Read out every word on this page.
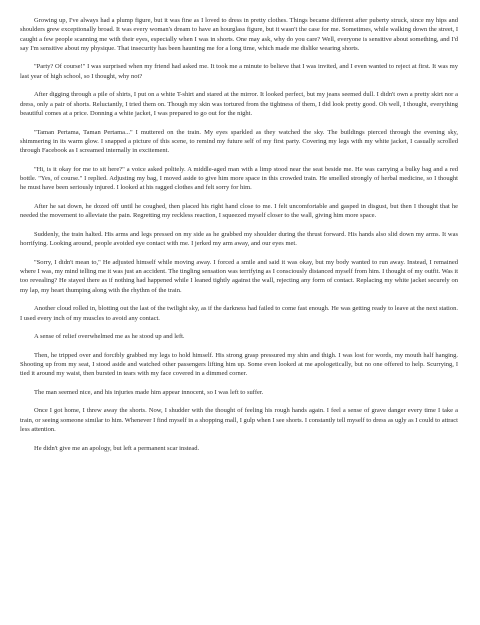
Growing up, I've always had a plump figure, but it was fine as I loved to dress in pretty clothes. Things became different after puberty struck, since my hips and shoulders grew exceptionally broad. It was every woman's dream to have an hourglass figure, but it wasn't the case for me. Sometimes, while walking down the street, I caught a few people scanning me with their eyes, especially when I was in shorts. One may ask, why do you care? Well, everyone is sensitive about something, and I'd say I'm sensitive about my physique. That insecurity has been haunting me for a long time, which made me dislike wearing shorts.

"Party? Of course!" I was surprised when my friend had asked me. It took me a minute to believe that I was invited, and I even wanted to reject at first. It was my last year of high school, so I thought, why not?

After digging through a pile of shirts, I put on a white T-shirt and stared at the mirror. It looked perfect, but my jeans seemed dull. I didn't own a pretty skirt nor a dress, only a pair of shorts. Reluctantly, I tried them on. Though my skin was tortured from the tightness of them, I did look pretty good. Oh well, I thought, everything beautiful comes at a price. Donning a white jacket, I was prepared to go out for the night.

"Taman Pertama, Taman Pertama..." I muttered on the train. My eyes sparkled as they watched the sky. The buildings pierced through the evening sky, shimmering in its warm glow. I snapped a picture of this scene, to remind my future self of my first party. Covering my legs with my white jacket, I casually scrolled through Facebook as I screamed internally in excitement.

"Hi, is it okay for me to sit here?" a voice asked politely. A middle-aged man with a limp stood near the seat beside me. He was carrying a bulky bag and a red bottle. "Yes, of course." I replied. Adjusting my bag, I moved aside to give him more space in this crowded train. He smelled strongly of herbal medicine, so I thought he must have been seriously injured. I looked at his ragged clothes and felt sorry for him.

After he sat down, he dozed off until he coughed, then placed his right hand close to me. I felt uncomfortable and gasped in disgust, but then I thought that he needed the movement to alleviate the pain. Regretting my reckless reaction, I squeezed myself closer to the wall, giving him more space.

Suddenly, the train halted. His arms and legs pressed on my side as he grabbed my shoulder during the thrust forward. His hands also slid down my arms. It was horrifying. Looking around, people avoided eye contact with me. I jerked my arm away, and our eyes met.

"Sorry, I didn't mean to," He adjusted himself while moving away. I forced a smile and said it was okay, but my body wanted to run away. Instead, I remained where I was, my mind telling me it was just an accident. The tingling sensation was terrifying as I consciously distanced myself from him. I thought of my outfit. Was it too revealing? He stayed there as if nothing had happened while I leaned tightly against the wall, rejecting any form of contact. Replacing my white jacket securely on my lap, my heart thumping along with the rhythm of the train.

Another cloud rolled in, blotting out the last of the twilight sky, as if the darkness had failed to come fast enough. He was getting ready to leave at the next station. I used every inch of my muscles to avoid any contact.

A sense of relief overwhelmed me as he stood up and left.

Then, he tripped over and forcibly grabbed my legs to hold himself. His strong grasp pressured my shin and thigh. I was lost for words, my mouth half hanging. Shooting up from my seat, I stood aside and watched other passengers lifting him up. Some even looked at me apologetically, but no one offered to help. Scurrying, I tied it around my waist, then bursted in tears with my face covered in a dimmed corner.

The man seemed nice, and his injuries made him appear innocent, so I was left to suffer.

Once I got home, I threw away the shorts. Now, I shudder with the thought of feeling his rough hands again. I feel a sense of grave danger every time I take a train, or seeing someone similar to him. Whenever I find myself in a shopping mall, I gulp when I see shorts. I constantly tell myself to dress as ugly as I could to attract less attention.

He didn't give me an apology, but left a permanent scar instead.
